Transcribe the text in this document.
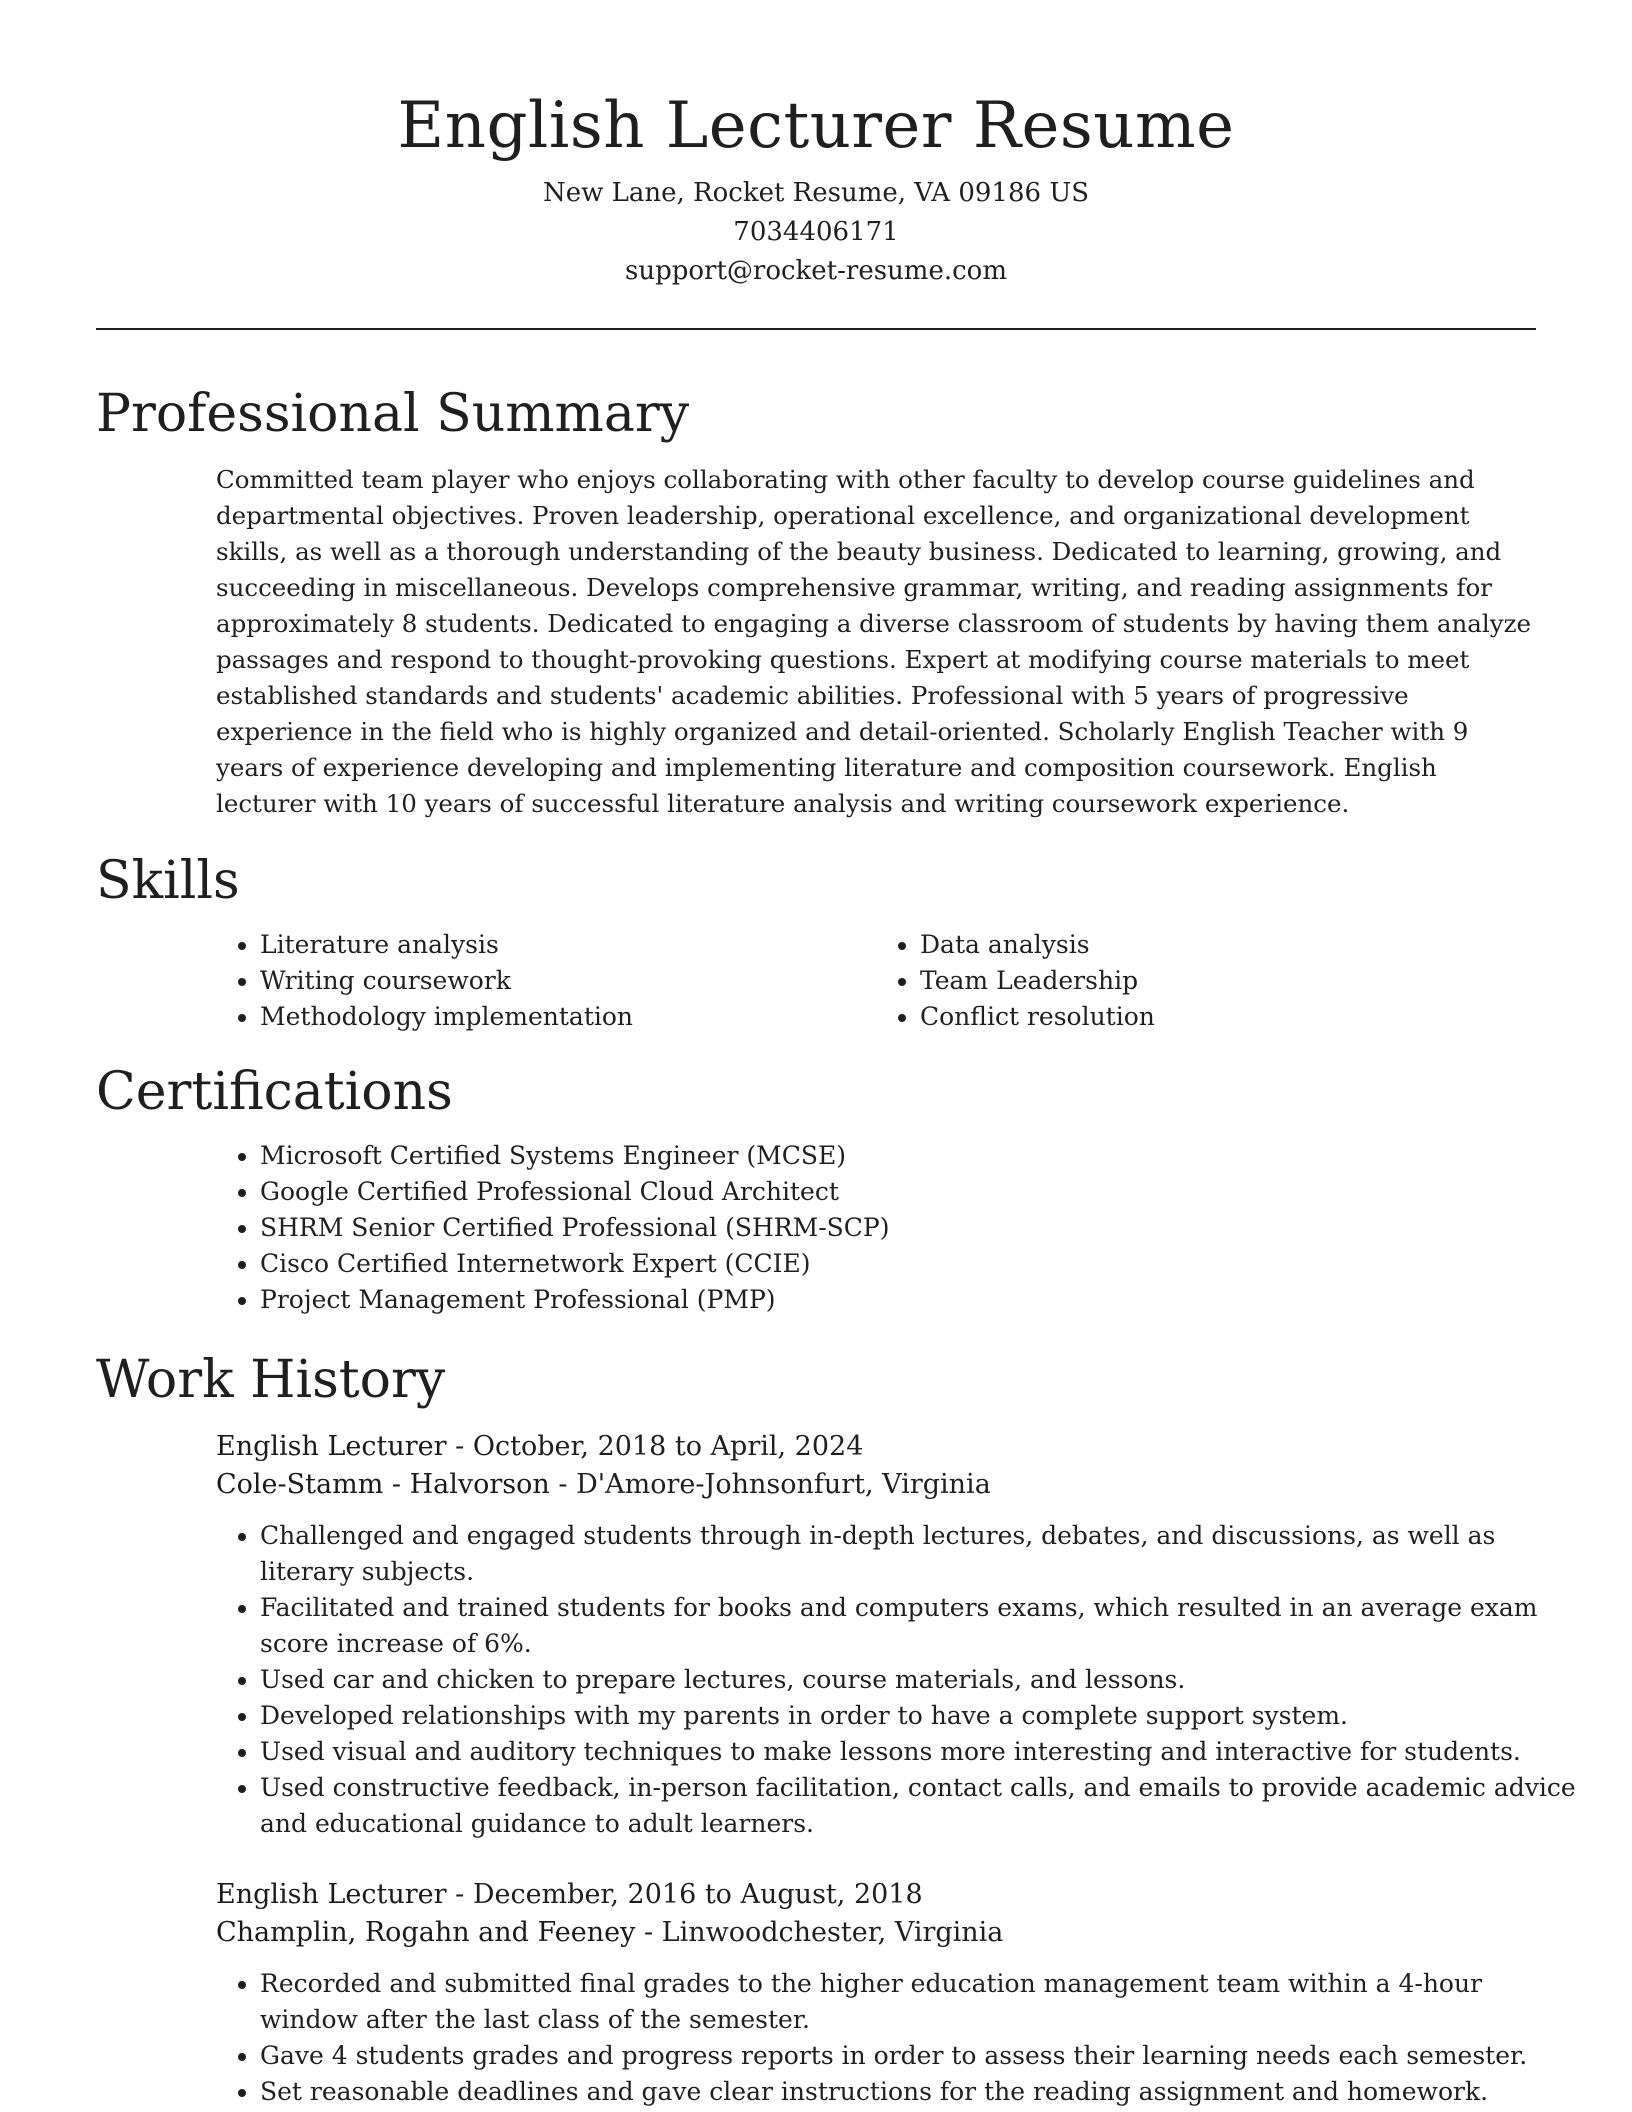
English Lecturer Resume
New Lane, Rocket Resume, VA 09186 US
7034406171
support@rocket-resume.com
Professional Summary

Committed team player who enjoys collaborating with other faculty to develop course guidelines and departmental objectives. Proven leadership, operational excellence, and organizational development skills, as well as a thorough understanding of the beauty business. Dedicated to learning, growing, and succeeding in miscellaneous. Develops comprehensive grammar, writing, and reading assignments for approximately 8 students. Dedicated to engaging a diverse classroom of students by having them analyze passages and respond to thought-provoking questions. Expert at modifying course materials to meet established standards and students' academic abilities. Professional with 5 years of progressive experience in the field who is highly organized and detail-oriented. Scholarly English Teacher with 9 years of experience developing and implementing literature and composition coursework. English lecturer with 10 years of successful literature analysis and writing coursework experience.

Skills
• Literature analysis
• Writing coursework
• Methodology implementation
• Data analysis
• Team Leadership
• Conflict resolution
Certifications
• Microsoft Certified Systems Engineer (MCSE)
• Google Certified Professional Cloud Architect
• SHRM Senior Certified Professional (SHRM-SCP)
• Cisco Certified Internetwork Expert (CCIE)
• Project Management Professional (PMP)
Work History
English Lecturer - October, 2018 to April, 2024
Cole-Stamm - Halvorson - D'Amore-Johnsonfurt, Virginia
• Challenged and engaged students through in-depth lectures, debates, and discussions, as well as literary subjects.
• Facilitated and trained students for books and computers exams, which resulted in an average exam score increase of 6%.
• Used car and chicken to prepare lectures, course materials, and lessons.
• Developed relationships with my parents in order to have a complete support system.
• Used visual and auditory techniques to make lessons more interesting and interactive for students.
• Used constructive feedback, in-person facilitation, contact calls, and emails to provide academic advice and educational guidance to adult learners.
English Lecturer - December, 2016 to August, 2018
Champlin, Rogahn and Feeney - Linwoodchester, Virginia
• Recorded and submitted final grades to the higher education management team within a 4-hour window after the last class of the semester.
• Gave 4 students grades and progress reports in order to assess their learning needs each semester.
• Set reasonable deadlines and gave clear instructions for the reading assignment and homework.
